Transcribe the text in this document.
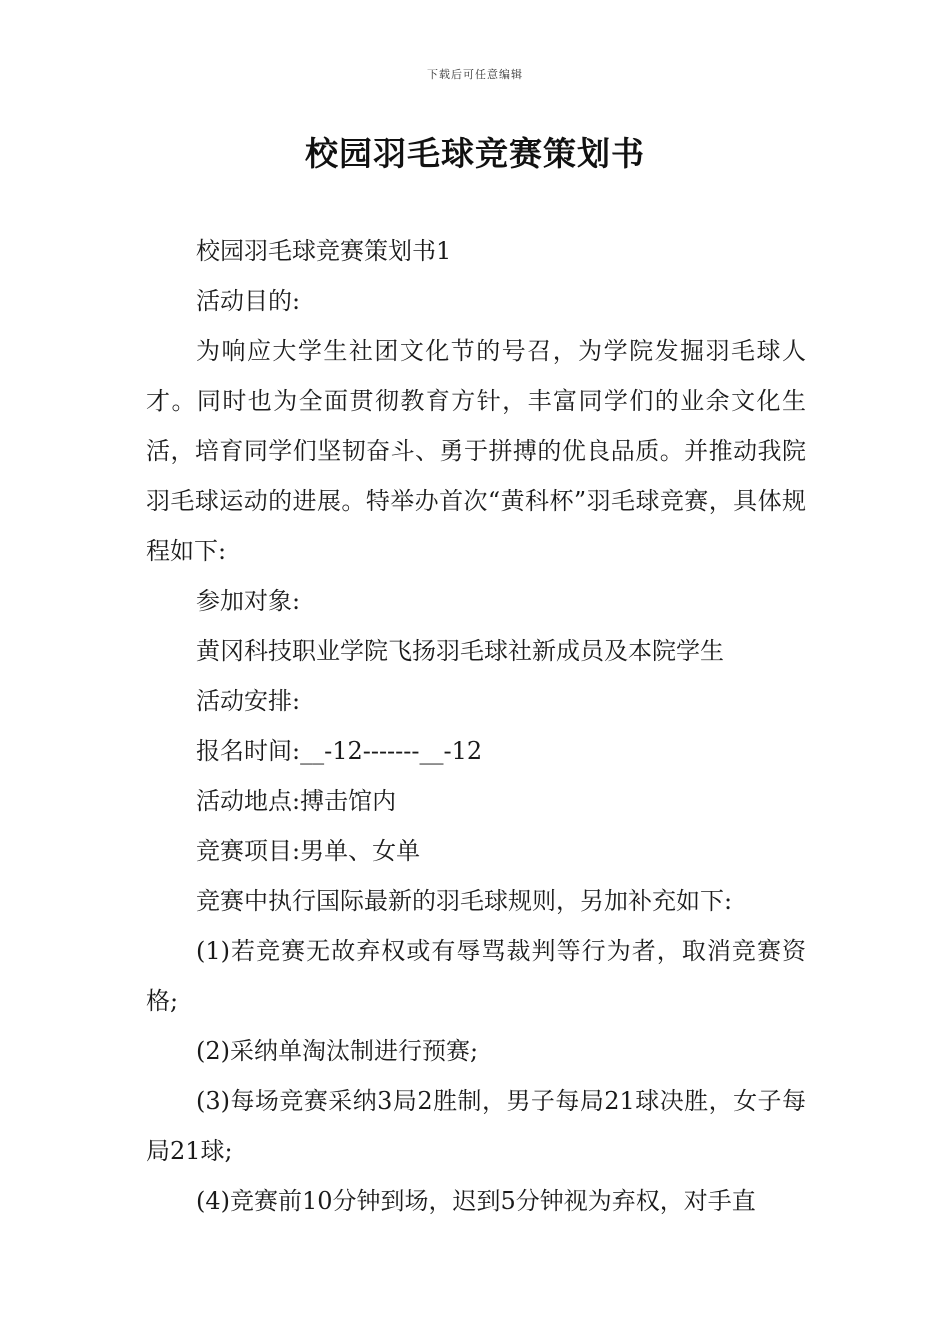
下载后可任意编辑
校园羽毛球竞赛策划书

校园羽毛球竞赛策划书1

活动目的:

为响应大学生社团文化节的号召，为学院发掘羽毛球人才。同时也为全面贯彻教育方针，丰富同学们的业余文化生活，培育同学们坚韧奋斗、勇于拼搏的优良品质。并推动我院羽毛球运动的进展。特举办首次“黄科杯”羽毛球竞赛，具体规程如下:

参加对象:

黄冈科技职业学院飞扬羽毛球社新成员及本院学生

活动安排:

报名时间:__-12-------__-12

活动地点:搏击馆内

竞赛项目:男单、女单

竞赛中执行国际最新的羽毛球规则，另加补充如下:

(1)若竞赛无故弃权或有辱骂裁判等行为者，取消竞赛资格;

(2)采纳单淘汰制进行预赛;

(3)每场竞赛采纳3局2胜制，男子每局21球决胜，女子每局21球;

(4)竞赛前10分钟到场，迟到5分钟视为弃权，对手直
